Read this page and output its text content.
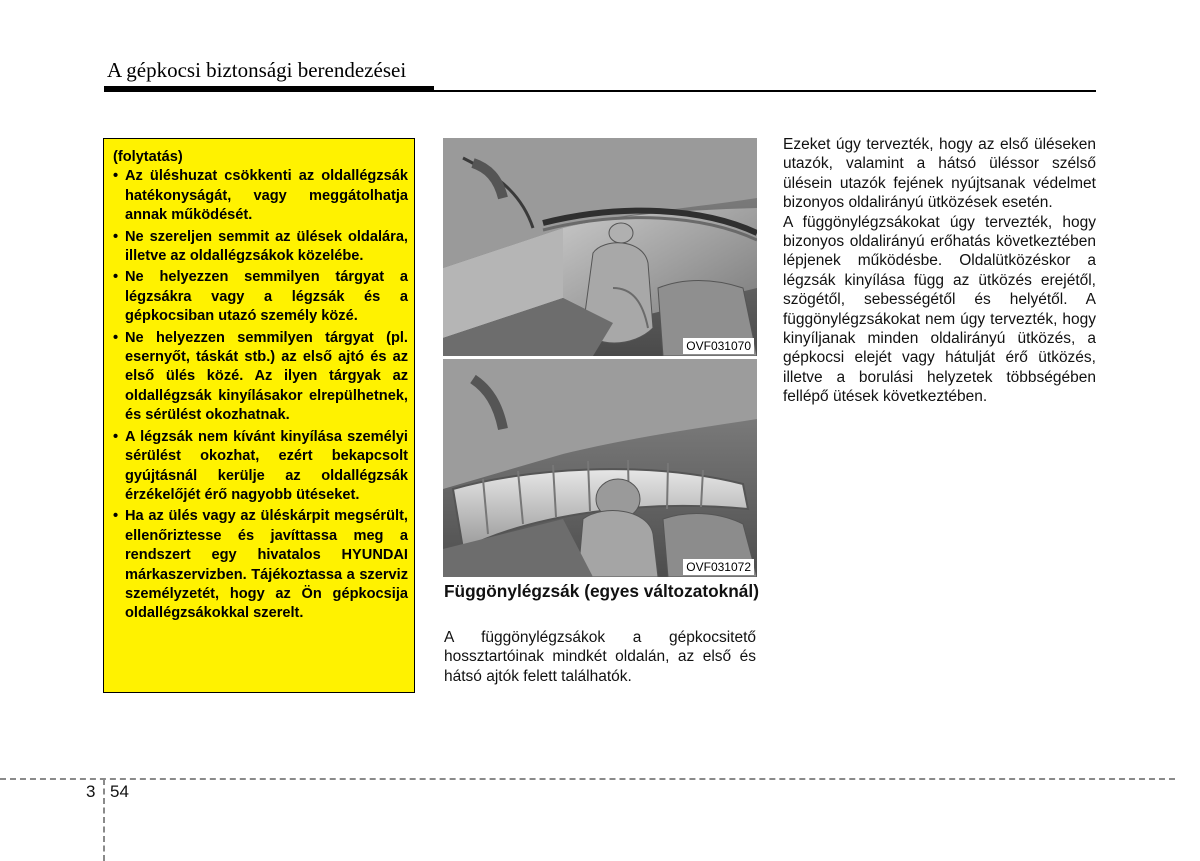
A gépkocsi biztonsági berendezései
(folytatás)
• Az üléshuzat csökkenti az oldallégzsák hatékonyságát, vagy meggátolhatja annak működését.
• Ne szereljen semmit az ülések oldalára, illetve az oldallégzsákok közelébe.
• Ne helyezzen semmilyen tárgyat a légzsákra vagy a légzsák és a gépkocsiban utazó személy közé.
• Ne helyezzen semmilyen tárgyat (pl. esernyőt, táskát stb.) az első ajtó és az első ülés közé. Az ilyen tárgyak az oldallégzsák kinyílásakor elrepülhetnek, és sérülést okozhatnak.
• A légzsák nem kívánt kinyílása személyi sérülést okozhat, ezért bekapcsolt gyújtásnál kerülje az oldallégzsák érzékelőjét érő nagyobb ütéseket.
• Ha az ülés vagy az üléskárpit megsérült, ellenőriztesse és javíttassa meg a rendszert egy hivatalos HYUNDAI márkaszervizben. Tájékoztassa a szerviz személyzetét, hogy az Ön gépkocsija oldallégzsákokkal szerelt.
OVF031070
OVF031072
Függönylégzsák (egyes változatoknál)
A függönylégzsákok a gépkocsitető hossztartóinak mindkét oldalán, az első és hátsó ajtók felett találhatók.

Ezeket úgy tervezték, hogy az első üléseken utazók, valamint a hátsó üléssor szélső ülésein utazók fejének nyújtsanak védelmet bizonyos oldalirányú ütközések esetén.

A függönylégzsákokat úgy tervezték, hogy bizonyos oldalirányú erőhatás következtében lépjenek működésbe. Oldalütközéskor a légzsák kinyílása függ az ütközés erejétől, szögétől, sebességétől és helyétől. A függönylégzsákokat nem úgy tervezték, hogy kinyíljanak minden oldalirányú ütközés, a gépkocsi elejét vagy hátulját érő ütközés, illetve a borulási helyzetek többségében fellépő ütések következtében.

3 54
